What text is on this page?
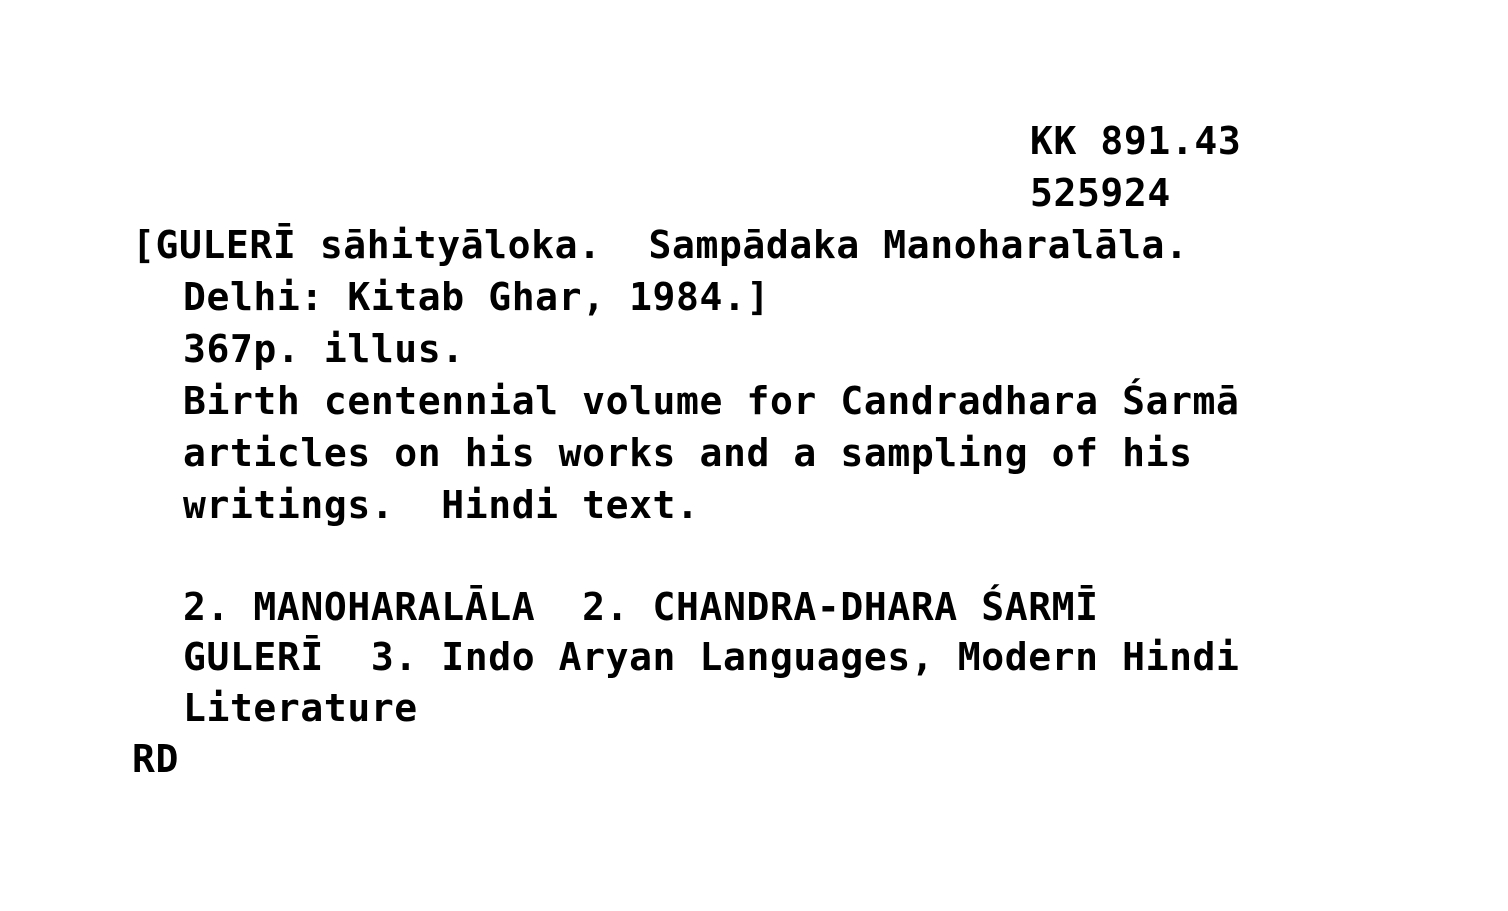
KK 891.43
525924
[GULERĪ sāhityāloka.  Sampādaka Manoharalāla.
Delhi: Kitab Ghar, 1984.]
367p. illus.
Birth centennial volume for Candradhara Śarmā
articles on his works and a sampling of his
writings.  Hindi text.
2. MANOHARALĀLA  2. CHANDRA-DHARA ŚARMĪ
GULERĪ  3. Indo Aryan Languages, Modern Hindi
Literature
RD
